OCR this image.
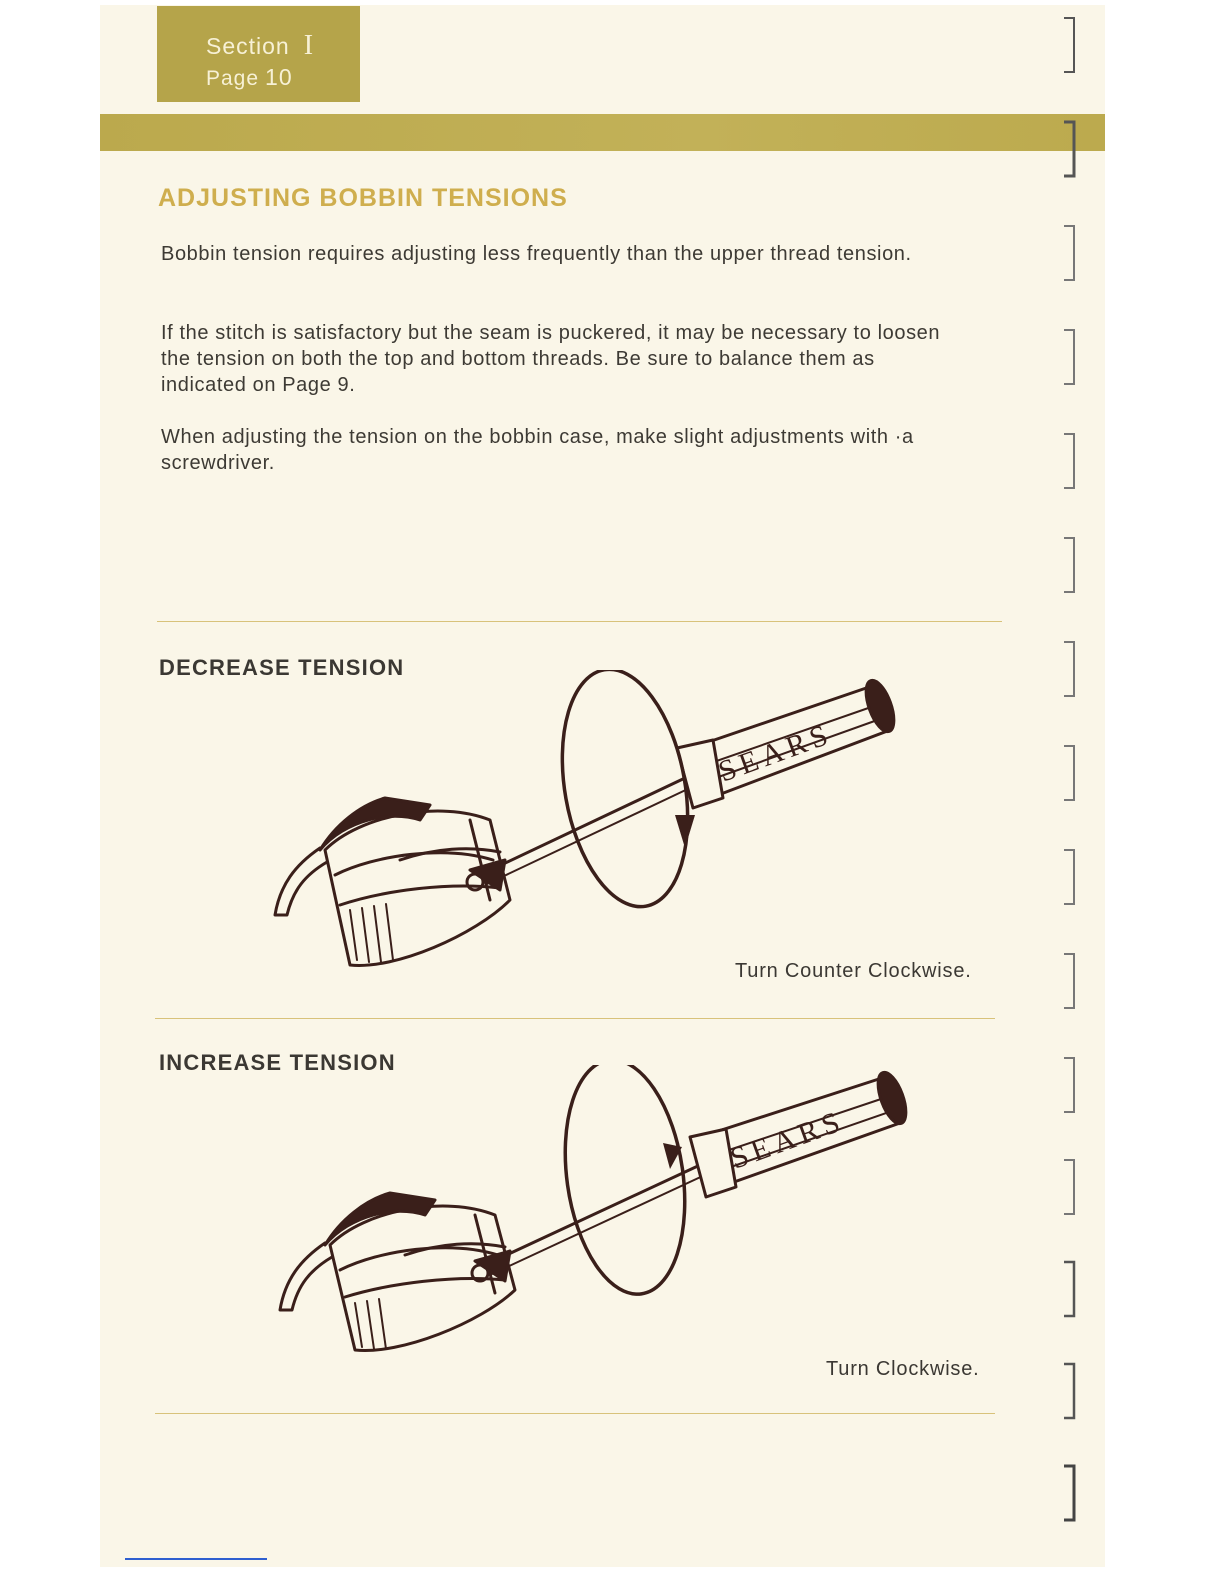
Section I
Page 10
ADJUSTING BOBBIN TENSIONS

Bobbin tension requires adjusting less frequently than the upper thread tension.

If the stitch is satisfactory but the seam is puckered, it may be necessary to loosen the tension on both the top and bottom threads. Be sure to balance them as indicated on Page 9.

When adjusting the tension on the bobbin case, make slight adjustments with ·a screwdriver.

DECREASE TENSION
SEARS

Turn Counter Clockwise.

INCREASE TENSION
SEARS

Turn Clockwise.
